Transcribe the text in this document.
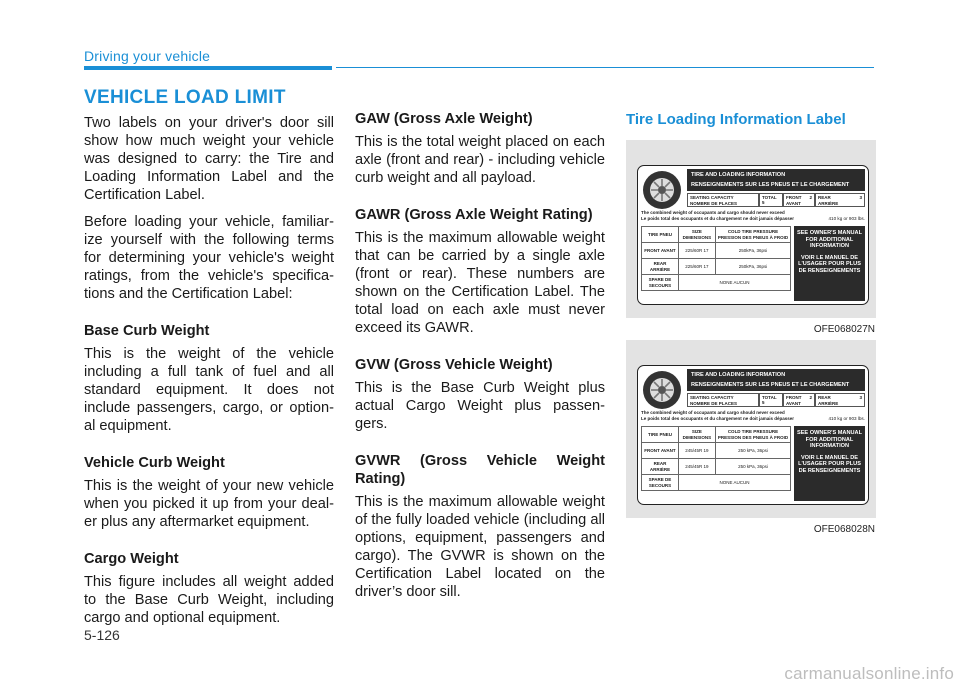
Driving your vehicle
VEHICLE LOAD LIMIT

Two labels on your driver's door sill show how much weight your vehicle was designed to carry: the Tire and Loading Information Label and the Certification Label.

Before loading your vehicle, familiar-ize yourself with the following terms for determining your vehicle's weight ratings, from the vehicle's specifica-tions and the Certification Label:

Base Curb Weight

This is the weight of the vehicle including a full tank of fuel and all standard equipment. It does not include passengers, cargo, or option-al equipment.

Vehicle Curb Weight

This is the weight of your new vehicle when you picked it up from your deal-er plus any aftermarket equipment.

Cargo Weight

This figure includes all weight added to the Base Curb Weight, including cargo and optional equipment.

GAW (Gross Axle Weight)

This is the total weight placed on each axle (front and rear) - including vehicle curb weight and all payload.

GAWR (Gross Axle Weight Rating)

This is the maximum allowable weight that can be carried by a single axle (front or rear). These numbers are shown on the Certification Label. The total load on each axle must never exceed its GAWR.

GVW (Gross Vehicle Weight)

This is the Base Curb Weight plus actual Cargo Weight plus passen-gers.

GVWR (Gross Vehicle Weight Rating)

This is the maximum allowable weight of the fully loaded vehicle (including all options, equipment, passengers and cargo). The GVWR is shown on the Certification Label located on the driver’s door sill.

Tire Loading Information Label
TIRE AND LOADING INFORMATION
RENSEIGNEMENTS SUR LES PNEUS ET LE CHARGEMENT
SEATING CAPACITY
NOMBRE DE PLACES
TOTAL 5
FRONT
AVANT
2 REAR
ARRIÈRE
3
The combined weight of occupants and cargo should never exceed
Le poids total des occupants et du chargement ne doit jamais dépasser	410 kg or 903 lbs.
TIRE PNEU	SIZE DIMENSIONS	COLD TIRE PRESSURE PRESSION DES PNEUS À FROID
FRONT AVANT	225/60R 17	250kPa, 36psi
REAR ARRIÈRE	225/60R 17	250kPa, 36psi
SPARE DE SECOURS	NONE AUCUN	
SEE OWNER'S MANUAL FOR ADDITIONAL INFORMATION
VOIR LE MANUEL DE L'USAGER POUR PLUS DE RENSEIGNEMENTS
OFE068027N
TIRE AND LOADING INFORMATION
RENSEIGNEMENTS SUR LES PNEUS ET LE CHARGEMENT
SEATING CAPACITY
NOMBRE DE PLACES
TOTAL 5
FRONT
AVANT
2 REAR
ARRIÈRE
3
The combined weight of occupants and cargo should never exceed
Le poids total des occupants et du chargement ne doit jamais dépasser	410 kg or 903 lbs.
TIRE PNEU	SIZE DIMENSIONS	COLD TIRE PRESSURE PRESSION DES PNEUS À FROID
FRONT AVANT	245/45R 19	250 kPa, 36psi
REAR ARRIÈRE	245/45R 19	250 kPa, 36psi
SPARE DE SECOURS	NONE AUCUN	
SEE OWNER'S MANUAL FOR ADDITIONAL INFORMATION
VOIR LE MANUEL DE L'USAGER POUR PLUS DE RENSEIGNEMENTS
OFE068028N
5-126
carmanualsonline.info
